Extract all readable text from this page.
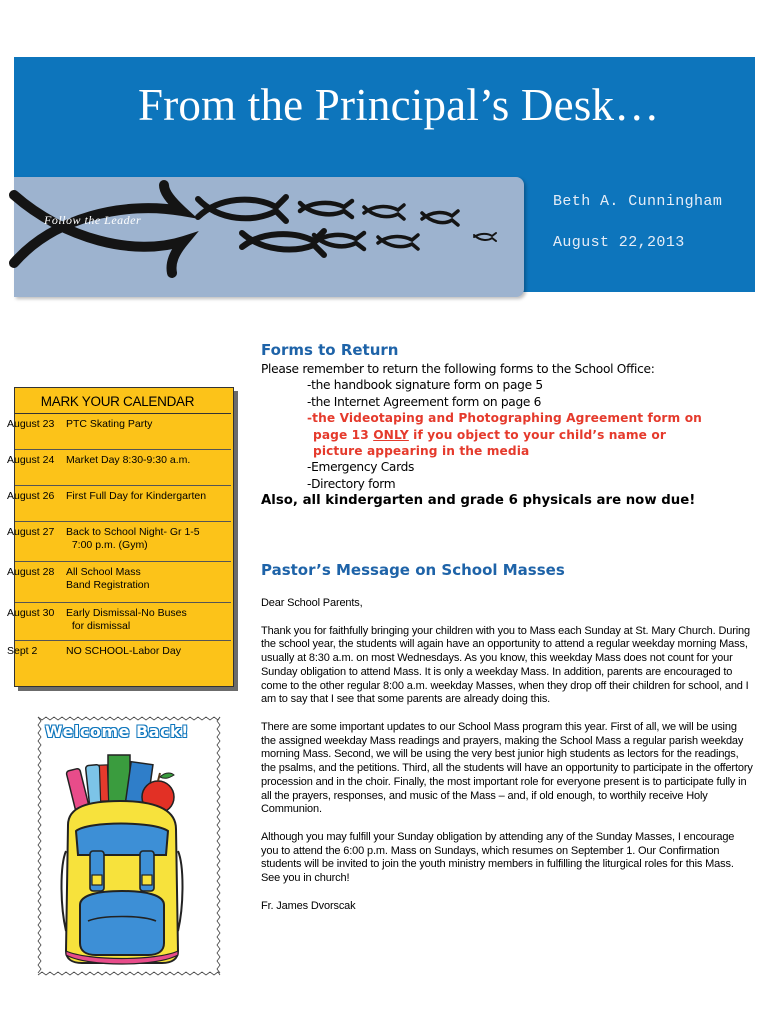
From the Principal’s Desk…
Follow the Leader
Beth A. Cunningham
August 22,2013
MARK YOUR CALENDAR
August 23 PTC Skating Party
August 24 Market Day 8:30-9:30 a.m.
August 26 First Full Day for Kindergarten
August 27 Back to School Night- Gr 1-5
7:00 p.m. (Gym)
August 28 All School Mass
Band Registration
August 30 Early Dismissal-No Buses
for dismissal
Sept 2	NO SCHOOL-Labor Day
Welcome Back!
Forms to Return
Please remember to return the following forms to the School Office:
-the handbook signature form on page 5
-the Internet Agreement form on page 6
-the Videotaping and Photographing Agreement form on
page 13 ONLY if you object to your child’s name or
picture appearing in the media
-Emergency Cards
-Directory form
Also, all kindergarten and grade 6 physicals are now due!
Pastor’s Message on School Masses

Dear School Parents,

Thank you for faithfully bringing your children with you to Mass each Sunday at St. Mary Church. During the school year, the students will again have an opportunity to attend a regular weekday morning Mass, usually at 8:30 a.m. on most Wednesdays. As you know, this weekday Mass does not count for your Sunday obligation to attend Mass. It is only a weekday Mass. In addition, parents are encouraged to come to the other regular 8:00 a.m. weekday Masses, when they drop off their children for school, and I am to say that I see that some parents are already doing this.

There are some important updates to our School Mass program this year. First of all, we will be using the assigned weekday Mass readings and prayers, making the School Mass a regular parish weekday morning Mass. Second, we will be using the very best junior high students as lectors for the readings, the psalms, and the petitions. Third, all the students will have an opportunity to participate in the offertory procession and in the choir. Finally, the most important role for everyone present is to participate fully in all the prayers, responses, and music of the Mass – and, if old enough, to worthily receive Holy Communion.

Although you may fulfill your Sunday obligation by attending any of the Sunday Masses, I encourage you to attend the 6:00 p.m. Mass on Sundays, which resumes on September 1. Our Confirmation students will be invited to join the youth ministry members in fulfilling the liturgical roles for this Mass. See you in church!

Fr. James Dvorscak
